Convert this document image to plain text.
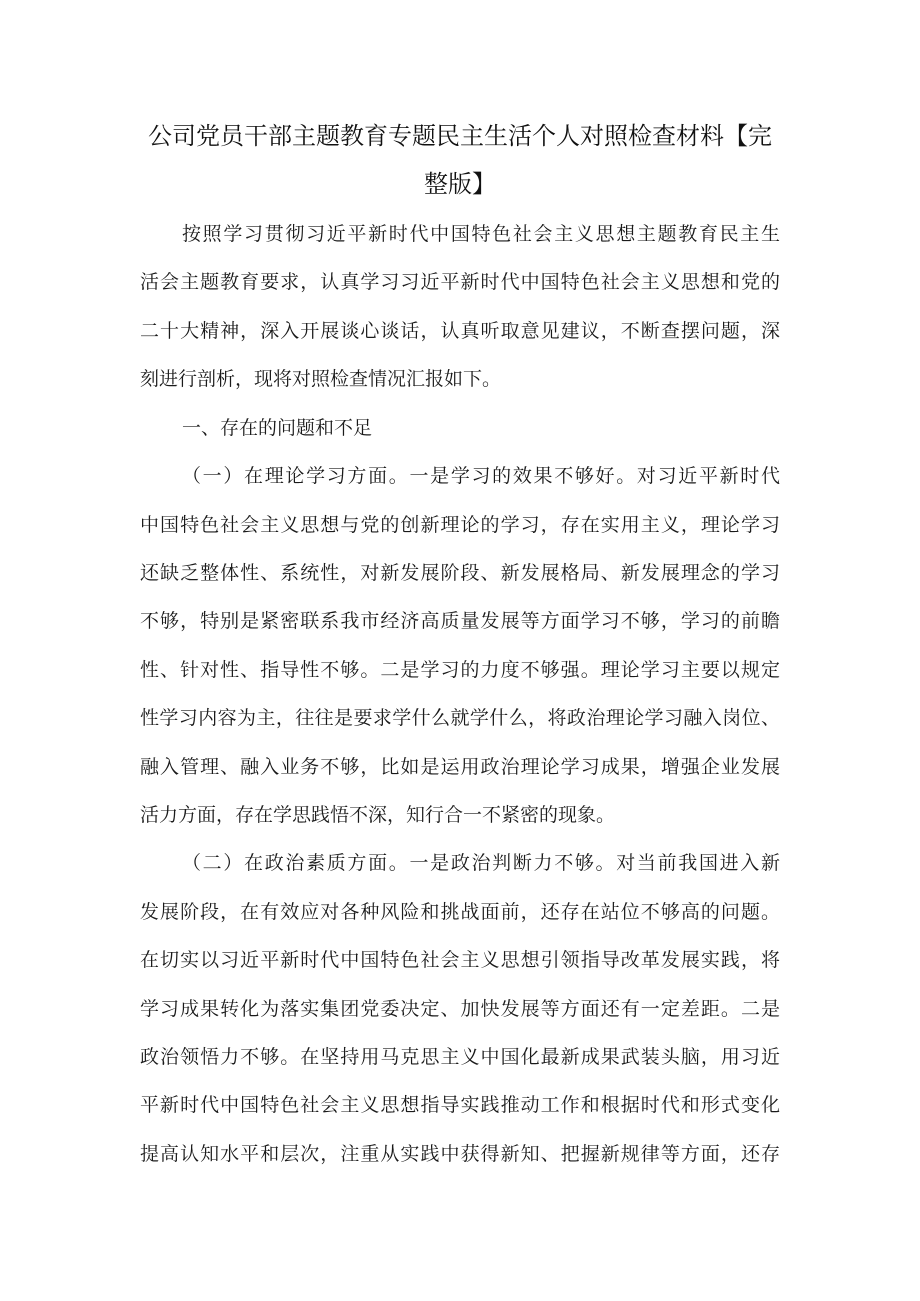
公司党员干部主题教育专题民主生活个人对照检查材料【完
整版】
按照学习贯彻习近平新时代中国特色社会主义思想主题教育民主生
活会主题教育要求，认真学习习近平新时代中国特色社会主义思想和党的
二十大精神，深入开展谈心谈话，认真听取意见建议，不断查摆问题，深
刻进行剖析，现将对照检查情况汇报如下。
一、存在的问题和不足
（一）在理论学习方面。一是学习的效果不够好。对习近平新时代
中国特色社会主义思想与党的创新理论的学习，存在实用主义，理论学习
还缺乏整体性、系统性，对新发展阶段、新发展格局、新发展理念的学习
不够，特别是紧密联系我市经济高质量发展等方面学习不够，学习的前瞻
性、针对性、指导性不够。二是学习的力度不够强。理论学习主要以规定
性学习内容为主，往往是要求学什么就学什么，将政治理论学习融入岗位、
融入管理、融入业务不够，比如是运用政治理论学习成果，增强企业发展
活力方面，存在学思践悟不深，知行合一不紧密的现象。
（二）在政治素质方面。一是政治判断力不够。对当前我国进入新
发展阶段，在有效应对各种风险和挑战面前，还存在站位不够高的问题。
在切实以习近平新时代中国特色社会主义思想引领指导改革发展实践，将
学习成果转化为落实集团党委决定、加快发展等方面还有一定差距。二是
政治领悟力不够。在坚持用马克思主义中国化最新成果武装头脑，用习近
平新时代中国特色社会主义思想指导实践推动工作和根据时代和形式变化
提高认知水平和层次，注重从实践中获得新知、把握新规律等方面，还存
